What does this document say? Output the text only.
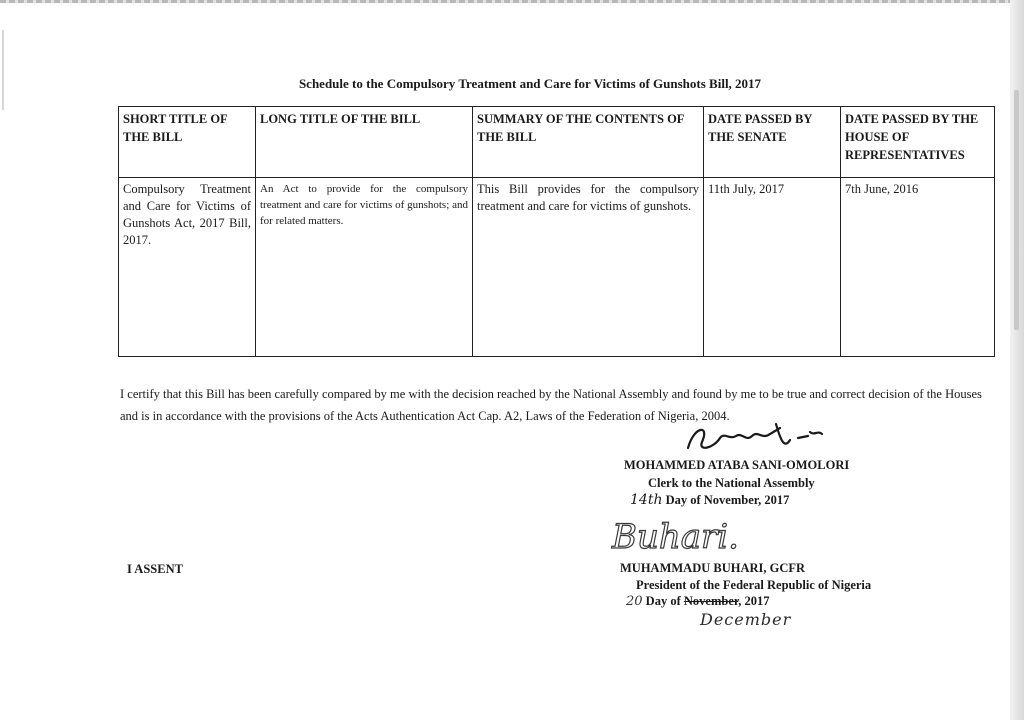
Schedule to the Compulsory Treatment and Care for Victims of Gunshots Bill, 2017
SHORT TITLE OF THE BILL	LONG TITLE OF THE BILL	SUMMARY OF THE CONTENTS OF THE BILL	DATE PASSED BY THE SENATE	DATE PASSED BY THE HOUSE OF REPRESENTATIVES
Compulsory Treatment and Care for Victims of Gunshots Act, 2017 Bill, 2017.	An Act to provide for the compulsory treatment and care for victims of gunshots; and for related matters.	This Bill provides for the compulsory treatment and care for victims of gunshots.	11th July, 2017	7th June, 2016
I certify that this Bill has been carefully compared by me with the decision reached by the National Assembly and found by me to be true and correct decision of the Houses and is in accordance with the provisions of the Acts Authentication Act Cap. A2, Laws of the Federation of Nigeria, 2004.
MOHAMMED ATABA SANI-OMOLORI
Clerk to the National Assembly
14th Day of November, 2017
Buhari.
I ASSENT	MUHAMMADU BUHARI, GCFR
President of the Federal Republic of Nigeria
20 Day of November, 2017
December
